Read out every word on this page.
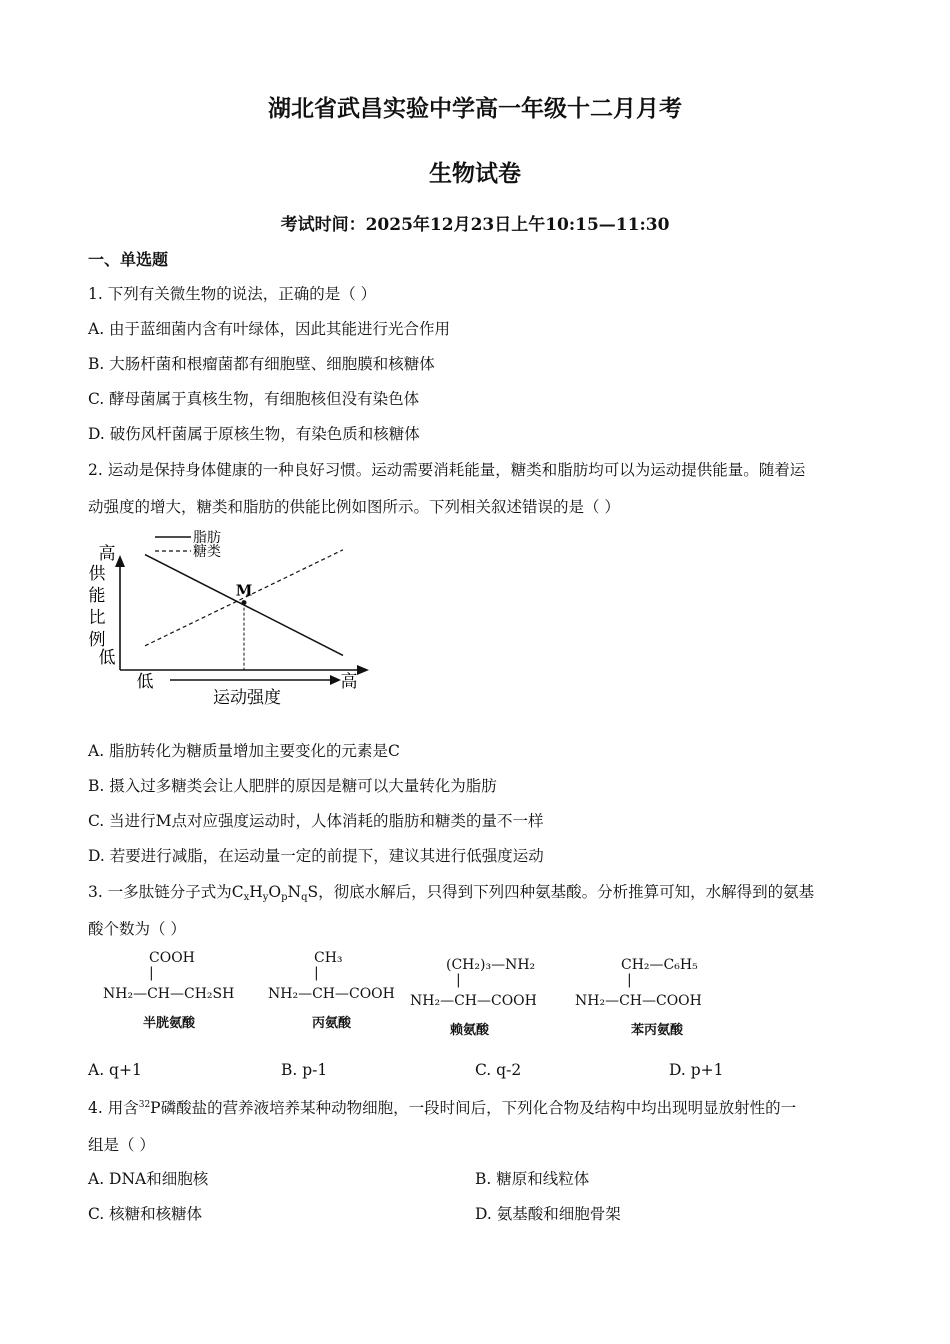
湖北省武昌实验中学高一年级十二月月考
生物试卷
考试时间：2025年12月23日上午10:15—11:30
一、单选题
1. 下列有关微生物的说法，正确的是（ ）
A. 由于蓝细菌内含有叶绿体，因此其能进行光合作用
B. 大肠杆菌和根瘤菌都有细胞壁、细胞膜和核糖体
C. 酵母菌属于真核生物，有细胞核但没有染色体
D. 破伤风杆菌属于原核生物，有染色质和核糖体
2. 运动是保持身体健康的一种良好习惯。运动需要消耗能量，糖类和脂肪均可以为运动提供能量。随着运
动强度的增大，糖类和脂肪的供能比例如图所示。下列相关叙述错误的是（ ）
高
低
供能比例
低	高
运动强度
脂肪
糖类
M
A. 脂肪转化为糖质量增加主要变化的元素是C
B. 摄入过多糖类会让人肥胖的原因是糖可以大量转化为脂肪
C. 当进行M点对应强度运动时，人体消耗的脂肪和糖类的量不一样
D. 若要进行减脂，在运动量一定的前提下，建议其进行低强度运动
3. 一多肽链分子式为$C_xH_yO_pN_qS$，彻底水解后，只得到下列四种氨基酸。分析推算可知，水解得到的氨基
酸个数为（ ）
COOH
|
NH₂—CH—CH₂SH
半胱氨酸
CH₃
|
NH₂—CH—COOH
丙氨酸
(CH₂)₃—NH₂
|
NH₂—CH—COOH
赖氨酸
CH₂—C₆H₅
|
NH₂—CH—COOH
苯丙氨酸
A. q+1	B. p-1	C. q-2	D. p+1
4. 用含$^{32}$P磷酸盐的营养液培养某种动物细胞，一段时间后，下列化合物及结构中均出现明显放射性的一
组是（ ）
A. DNA和细胞核	B. 糖原和线粒体
C. 核糖和核糖体	D. 氨基酸和细胞骨架
